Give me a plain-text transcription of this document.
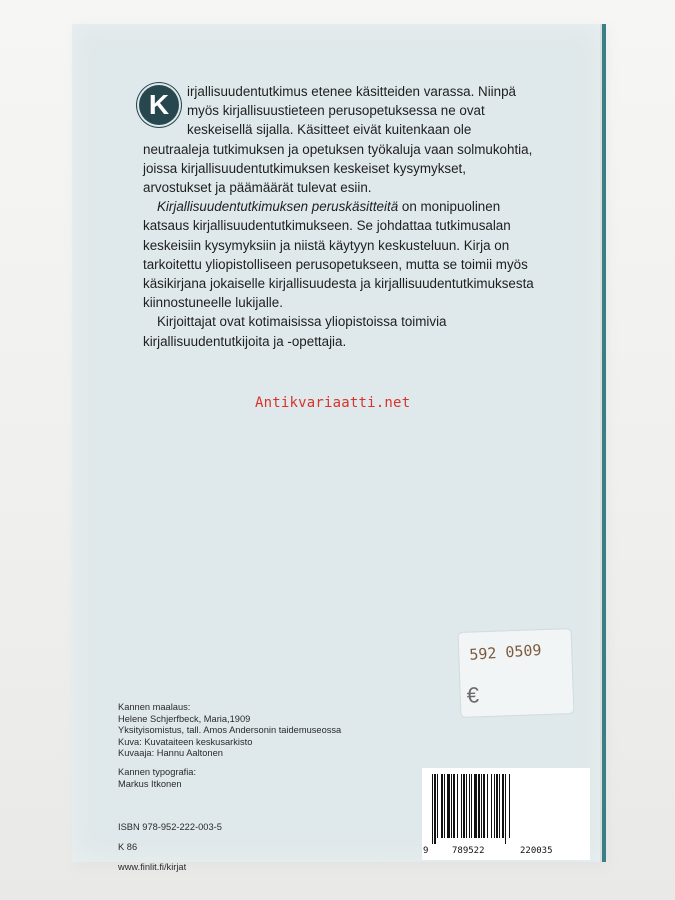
K	irjallisuudentutkimus etenee käsitteiden varassa. Niinpä myös kirjallisuustieteen perusopetuksessa ne ovat keskeisellä sijalla. Käsitteet eivät kuitenkaan ole neutraaleja tutkimuksen ja opetuksen työkaluja vaan solmukohtia, joissa kirjallisuudentutkimuksen keskeiset kysymykset, arvostukset ja päämäärät tulevat esiin.

Kirjallisuudentutkimuksen peruskäsitteitä on monipuolinen katsaus kirjallisuudentutkimukseen. Se johdattaa tutkimusalan keskeisiin kysymyksiin ja niistä käytyyn keskusteluun. Kirja on tarkoitettu yliopistolliseen perusopetukseen, mutta se toimii myös käsikirjana jokaiselle kirjallisuudesta ja kirjallisuudentutkimuksesta kiinnostuneelle lukijalle.

Kirjoittajat ovat kotimaisissa yliopistoissa toimivia kirjallisuudentutkijoita ja -opettajia.

Antikvariaatti.net
592 0509
€
Kannen maalaus:
Helene Schjerfbeck, Maria,1909
Yksityisomistus, tall. Amos Andersonin taidemuseossa
Kuva: Kuvataiteen keskusarkisto
Kuvaaja: Hannu Aaltonen
Kannen typografia:
Markus Itkonen
ISBN 978-952-222-003-5
K 86
www.finlit.fi/kirjat
9	789522	220035
